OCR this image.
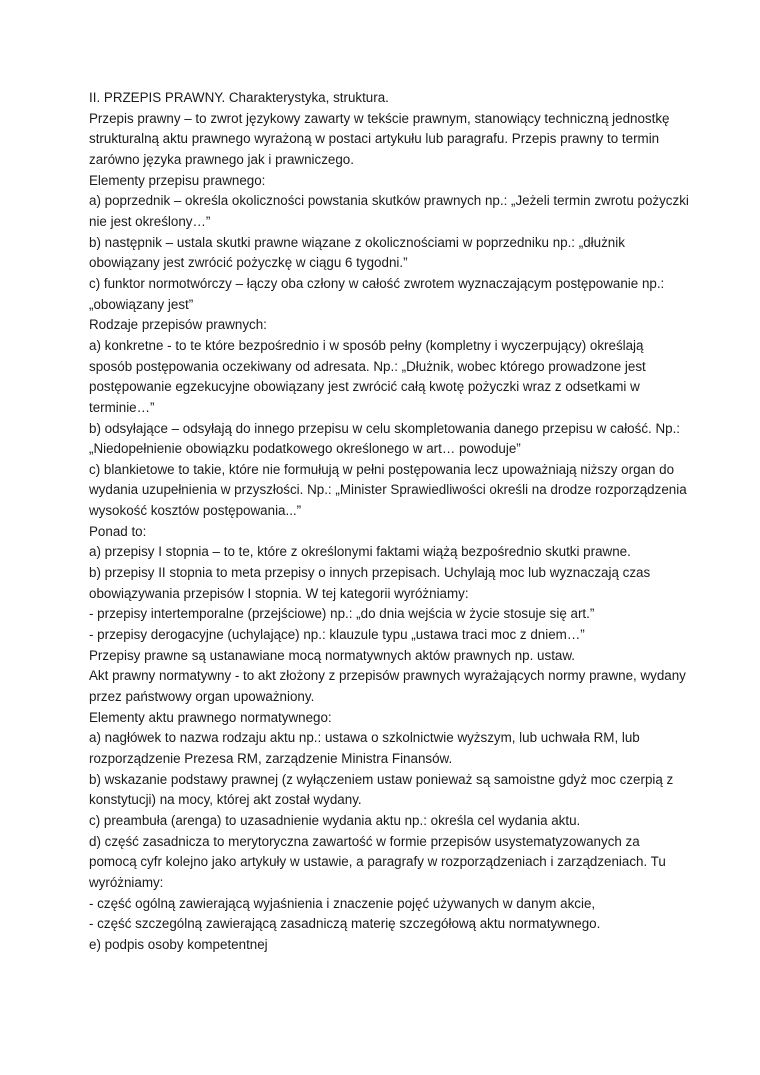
II. PRZEPIS PRAWNY. Charakterystyka, struktura.

Przepis prawny – to zwrot językowy zawarty w tekście prawnym, stanowiący techniczną jednostkę strukturalną aktu prawnego wyrażoną w postaci artykułu lub paragrafu. Przepis prawny to termin zarówno języka prawnego jak i prawniczego.

Elementy przepisu prawnego:

a) poprzednik – określa okoliczności powstania skutków prawnych np.: „Jeżeli termin zwrotu pożyczki nie jest określony…”

b) następnik – ustala skutki prawne wiązane z okolicznościami w poprzedniku np.: „dłużnik obowiązany jest zwrócić pożyczkę w ciągu 6 tygodni.”

c) funktor normotwórczy – łączy oba człony w całość zwrotem wyznaczającym postępowanie np.: „obowiązany jest”

Rodzaje przepisów prawnych:

a) konkretne - to te które bezpośrednio i w sposób pełny (kompletny i wyczerpujący) określają sposób postępowania oczekiwany od adresata. Np.: „Dłużnik, wobec którego prowadzone jest postępowanie egzekucyjne obowiązany jest zwrócić całą kwotę pożyczki wraz z odsetkami w terminie…”

b) odsyłające – odsyłają do innego przepisu w celu skompletowania danego przepisu w całość. Np.: „Niedopełnienie obowiązku podatkowego określonego w art… powoduje”

c) blankietowe to takie, które nie formułują w pełni postępowania lecz upoważniają niższy organ do wydania uzupełnienia w przyszłości. Np.: „Minister Sprawiedliwości określi na drodze rozporządzenia wysokość kosztów postępowania...”

Ponad to:

a) przepisy I stopnia – to te, które z określonymi faktami wiążą bezpośrednio skutki prawne.

b) przepisy II stopnia to meta przepisy o innych przepisach. Uchylają moc lub wyznaczają czas obowiązywania przepisów I stopnia. W tej kategorii wyróżniamy:

- przepisy intertemporalne (przejściowe) np.: „do dnia wejścia w życie stosuje się art.”

- przepisy derogacyjne (uchylające) np.: klauzule typu „ustawa traci moc z dniem…”

Przepisy prawne są ustanawiane mocą normatywnych aktów prawnych np. ustaw.

Akt prawny normatywny - to akt złożony z przepisów prawnych wyrażających normy prawne, wydany przez państwowy organ upoważniony.

Elementy aktu prawnego normatywnego:

a) nagłówek to nazwa rodzaju aktu np.: ustawa o szkolnictwie wyższym, lub uchwała RM, lub rozporządzenie Prezesa RM, zarządzenie Ministra Finansów.

b) wskazanie podstawy prawnej (z wyłączeniem ustaw ponieważ są samoistne gdyż moc czerpią z konstytucji) na mocy, której akt został wydany.

c) preambuła (arenga) to uzasadnienie wydania aktu np.: określa cel wydania aktu.

d) część zasadnicza to merytoryczna zawartość w formie przepisów usystematyzowanych za pomocą cyfr kolejno jako artykuły w ustawie, a paragrafy w rozporządzeniach i zarządzeniach. Tu wyróżniamy:

- część ogólną zawierającą wyjaśnienia i znaczenie pojęć używanych w danym akcie,

- część szczególną zawierającą zasadniczą materię szczegółową aktu normatywnego.

e) podpis osoby kompetentnej
